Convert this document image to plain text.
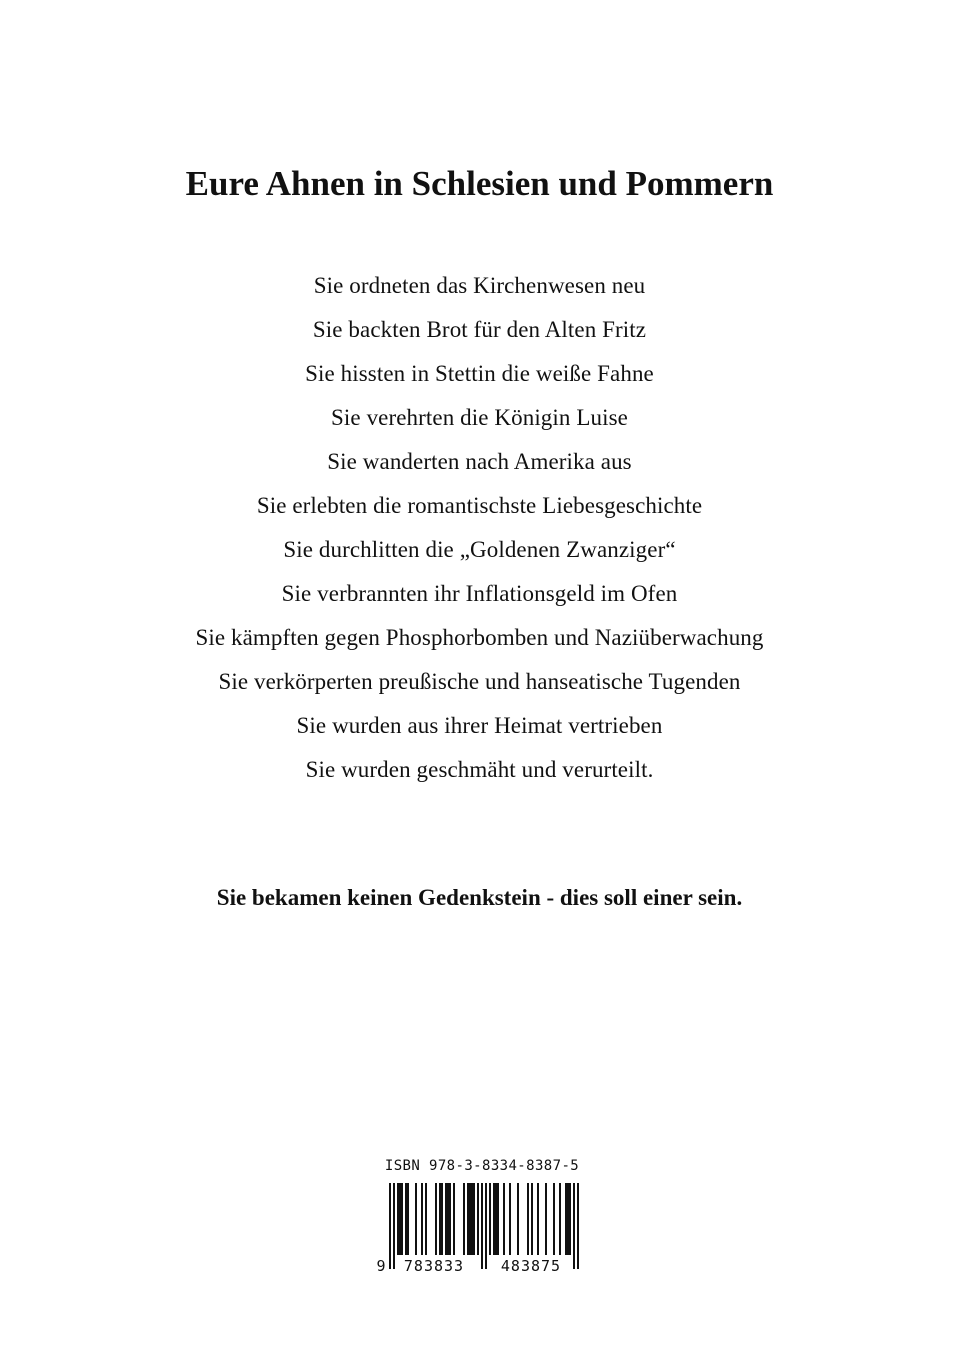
Eure Ahnen in Schlesien und Pommern
Sie ordneten das Kirchenwesen neu
Sie backten Brot für den Alten Fritz
Sie hissten in Stettin die weiße Fahne
Sie verehrten die Königin Luise
Sie wanderten nach Amerika aus
Sie erlebten die romantischste Liebesgeschichte
Sie durchlitten die „Goldenen Zwanziger“
Sie verbrannten ihr Inflationsgeld im Ofen
Sie kämpften gegen Phosphorbomben und Naziüberwachung
Sie verkörperten preußische und hanseatische Tugenden
Sie wurden aus ihrer Heimat vertrieben
Sie wurden geschmäht und verurteilt.

Sie bekamen keinen Gedenkstein - dies soll einer sein.

ISBN 978-3-8334-8387-5
9 783833 483875
